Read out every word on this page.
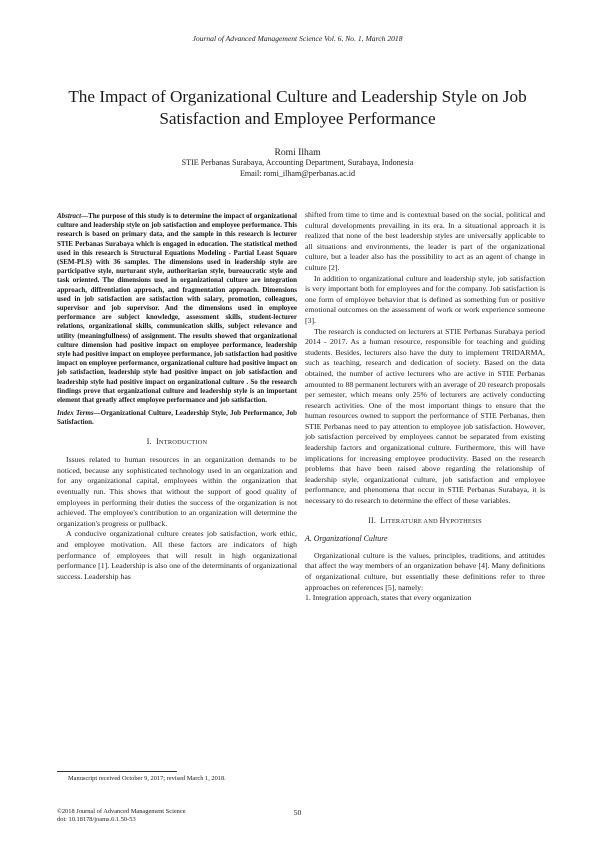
Journal of Advanced Management Science Vol. 6, No. 1, March 2018
The Impact of Organizational Culture and Leadership Style on Job Satisfaction and Employee Performance
Romi Ilham
STIE Perbanas Surabaya, Accounting Department, Surabaya, Indonesia
Email: romi_ilham@perbanas.ac.id

Abstract—The purpose of this study is to determine the impact of organizational culture and leadership style on job satisfaction and employee performance. This research is based on primary data, and the sample in this research is lecturer STIE Perbanas Surabaya which is engaged in education. The statistical method used in this research is Structural Equations Modeling - Partial Least Square (SEM-PLS) with 36 samples. The dimensions used in leadership style are participative style, nurturant style, authoritarian style, bureaucratic style and task oriented. The dimensions used in organizational culture are integration approach, diffrentiation approach, and fragmentation approach. Dimensions used in job satisfaction are satisfaction with salary, promotion, colleagues, supervisor and job supervisor. And the dimensions used in employee performance are subject knowledge, assessment skills, student-lecturer relations, organizational skills, communication skills, subject relevance and utility (meaningfullness) of assignment. The results showed that organizational culture dimension had positive impact on employee performance, leadership style had positive impact on employee performance, job satisfaction had positive impact on employee performance, organizational culture had positive impact on job satisfaction, leadership style had positive impact on job satisfaction and leadership style had positive impact on organizational culture . So the research findings prove that organizational culture and leadership style is an important element that greatly affect employee performance and job satisfaction.

Index Terms—Organizational Culture, Leadership Style, Job Performance, Job Satisfaction.

I. INTRODUCTION

Issues related to human resources in an organization demands to be noticed, because any sophisticated technology used in an organization and for any organizational capital, employees within the organization that eventually run. This shows that without the support of good quality of employees in performing their duties the success of the organization is not achieved. The employee's contribution to an organization will determine the organization's progress or pullback.

A conducive organizational culture creates job satisfaction, work ethic, and employee motivation. All these factors are indicators of high performance of employees that will result in high organizational performance [1]. Leadership is also one of the determinants of organizational success. Leadership has

shifted from time to time and is contextual based on the social, political and cultural developments prevailing in its era. In a situational approach it is realized that none of the best leadership styles are universally applicable to all situations and environments, the leader is part of the organizational culture, but a leader also has the possibility to act as an agent of change in culture [2].

In addition to organizational culture and leadership style, job satisfaction is very important both for employees and for the company. Job satisfaction is one form of employee behavior that is defined as something fun or positive emotional outcomes on the assessment of work or work experience someone [3].

The research is conducted on lecturers at STIE Perbanas Surabaya period 2014 - 2017. As a human resource, responsible for teaching and guiding students. Besides, lecturers also have the duty to implement TRIDARMA, such as teaching, research and dedication of society. Based on the data obtained, the number of active lecturers who are active in STIE Perbanas amounted to 88 permanent lecturers with an average of 20 research proposals per semester, which means only 25% of lecturers are actively conducting research activities. One of the most important things to ensure that the human resources owned to support the performance of STIE Perbanas, then STIE Perbanas need to pay attention to employee job satisfaction. However, job satisfaction perceived by employees cannot be separated from existing leadership factors and organizational culture. Furthermore, this will have implications for increasing employee productivity. Based on the research problems that have been raised above regarding the relationship of leadership style, organizational culture, job satisfaction and employee performance, and phenomena that occur in STIE Perbanas Surabaya, it is necessary to do research to determine the effect of these variables.

II. LITERATURE AND HYPOTHESIS
A. Organizational Culture

Organizational culture is the values, principles, traditions, and attitudes that affect the way members of an organization behave [4]. Many definitions of organizational culture, but essentially these definitions refer to three approaches on references [5], namely:

1. Integration approach, states that every organization

Manuscript received October 9, 2017; revised March 1, 2018.
©2018 Journal of Advanced Management Science
doi: 10.18178/joams.6.1.50-53
50
